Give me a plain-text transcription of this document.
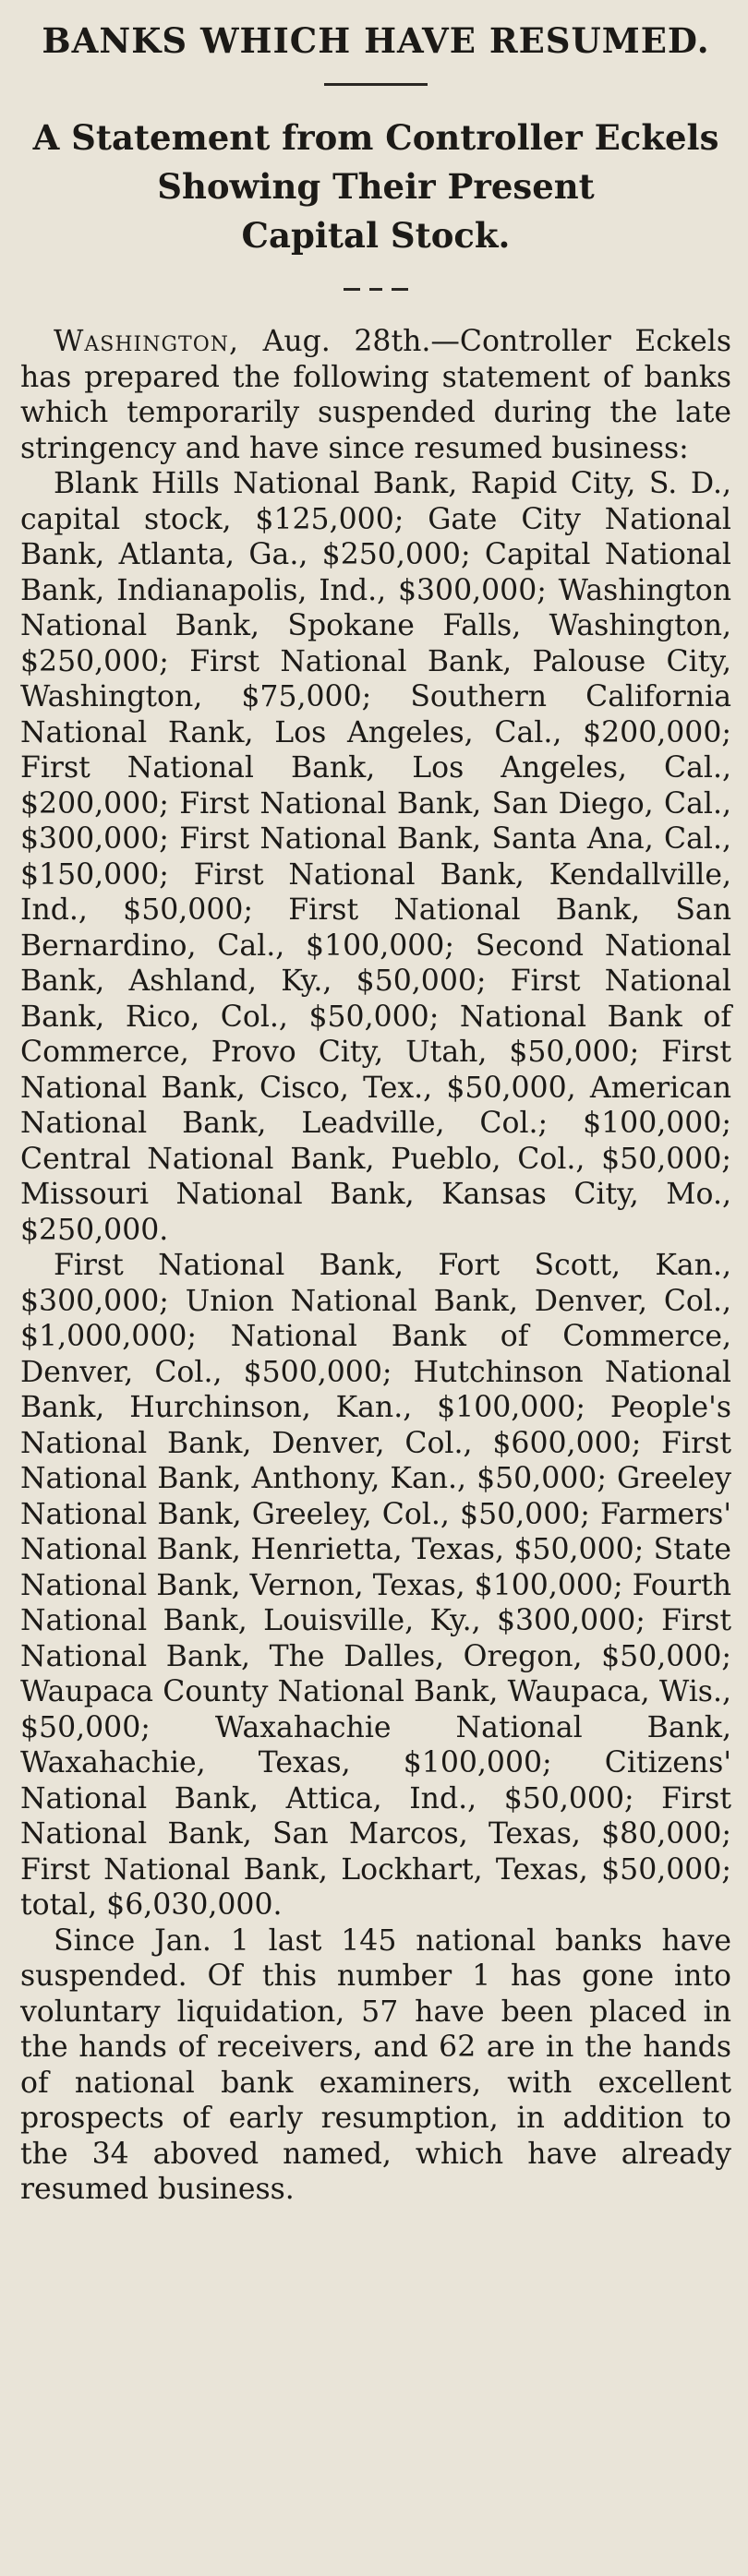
BANKS WHICH HAVE RESUMED.
A Statement from Controller Eckels
Showing Their Present
Capital Stock.

Washington, Aug. 28th.—Controller Eckels has prepared the following statement of banks which temporarily suspended during the late stringency and have since resumed business:

Blank Hills National Bank, Rapid City, S. D., capital stock, $125,000; Gate City National Bank, Atlanta, Ga., $250,000; Capital National Bank, Indianapolis, Ind., $300,000; Washington National Bank, Spokane Falls, Washington, $250,000; First National Bank, Palouse City, Washington, $75,000; Southern California National Rank, Los Angeles, Cal., $200,000; First National Bank, Los Angeles, Cal., $200,000; First National Bank, San Diego, Cal., $300,000; First National Bank, Santa Ana, Cal., $150,000; First National Bank, Kendallville, Ind., $50,000; First National Bank, San Bernardino, Cal., $100,000; Second National Bank, Ashland, Ky., $50,000; First National Bank, Rico, Col., $50,000; National Bank of Commerce, Provo City, Utah, $50,000; First National Bank, Cisco, Tex., $50,000, American National Bank, Leadville, Col.; $100,000; Central National Bank, Pueblo, Col., $50,000; Missouri National Bank, Kansas City, Mo., $250,000.

First National Bank, Fort Scott, Kan., $300,000; Union National Bank, Denver, Col., $1,000,000; National Bank of Commerce, Denver, Col., $500,000; Hutchinson National Bank, Hurchinson, Kan., $100,000; People's National Bank, Denver, Col., $600,000; First National Bank, Anthony, Kan., $50,000; Greeley National Bank, Greeley, Col., $50,000; Farmers' National Bank, Henrietta, Texas, $50,000; State National Bank, Vernon, Texas, $100,000; Fourth National Bank, Louisville, Ky., $300,000; First National Bank, The Dalles, Oregon, $50,000; Waupaca County National Bank, Waupaca, Wis., $50,000; Waxahachie National Bank, Waxahachie, Texas, $100,000; Citizens' National Bank, Attica, Ind., $50,000; First National Bank, San Marcos, Texas, $80,000; First National Bank, Lockhart, Texas, $50,000; total, $6,030,000.

Since Jan. 1 last 145 national banks have suspended. Of this number 1 has gone into voluntary liquidation, 57 have been placed in the hands of receivers, and 62 are in the hands of national bank examiners, with excellent prospects of early resumption, in addition to the 34 aboved named, which have already resumed business.
